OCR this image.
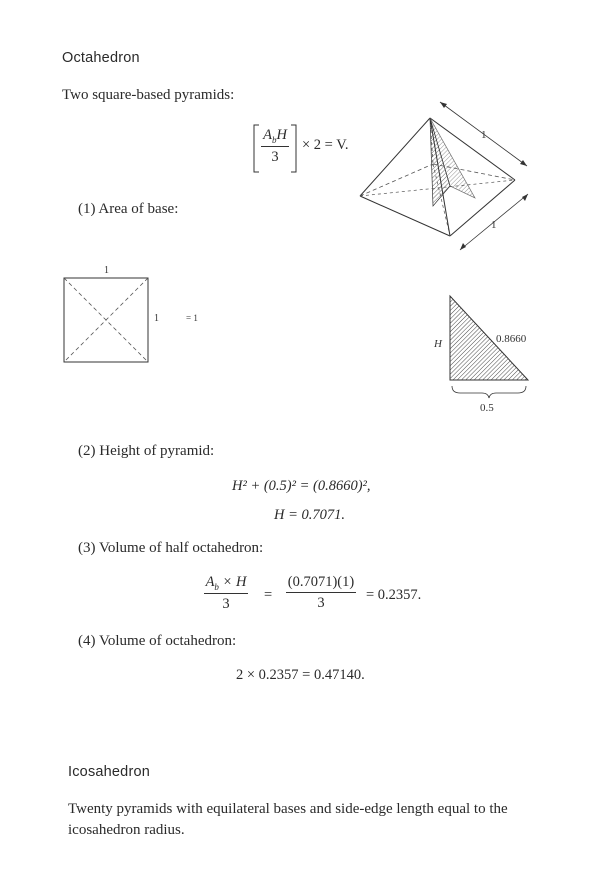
Octahedron
Two square-based pyramids:
$A_bH$
3
× 2 = V.
1
1
(1) Area of base:
1
1	= 1
H	0.8660
0.5
(2) Height of pyramid:
H² + (0.5)² = (0.8660)²,
H = 0.7071.
(3) Volume of half octahedron:
$\frac{A_b \times H}{3} = \frac{(0.7071)(1)}{3} = 0.2357$.
(4) Volume of octahedron:
2 × 0.2357 = 0.47140.
Icosahedron
Twenty pyramids with equilateral bases and side-edge length equal to the
icosahedron radius.
